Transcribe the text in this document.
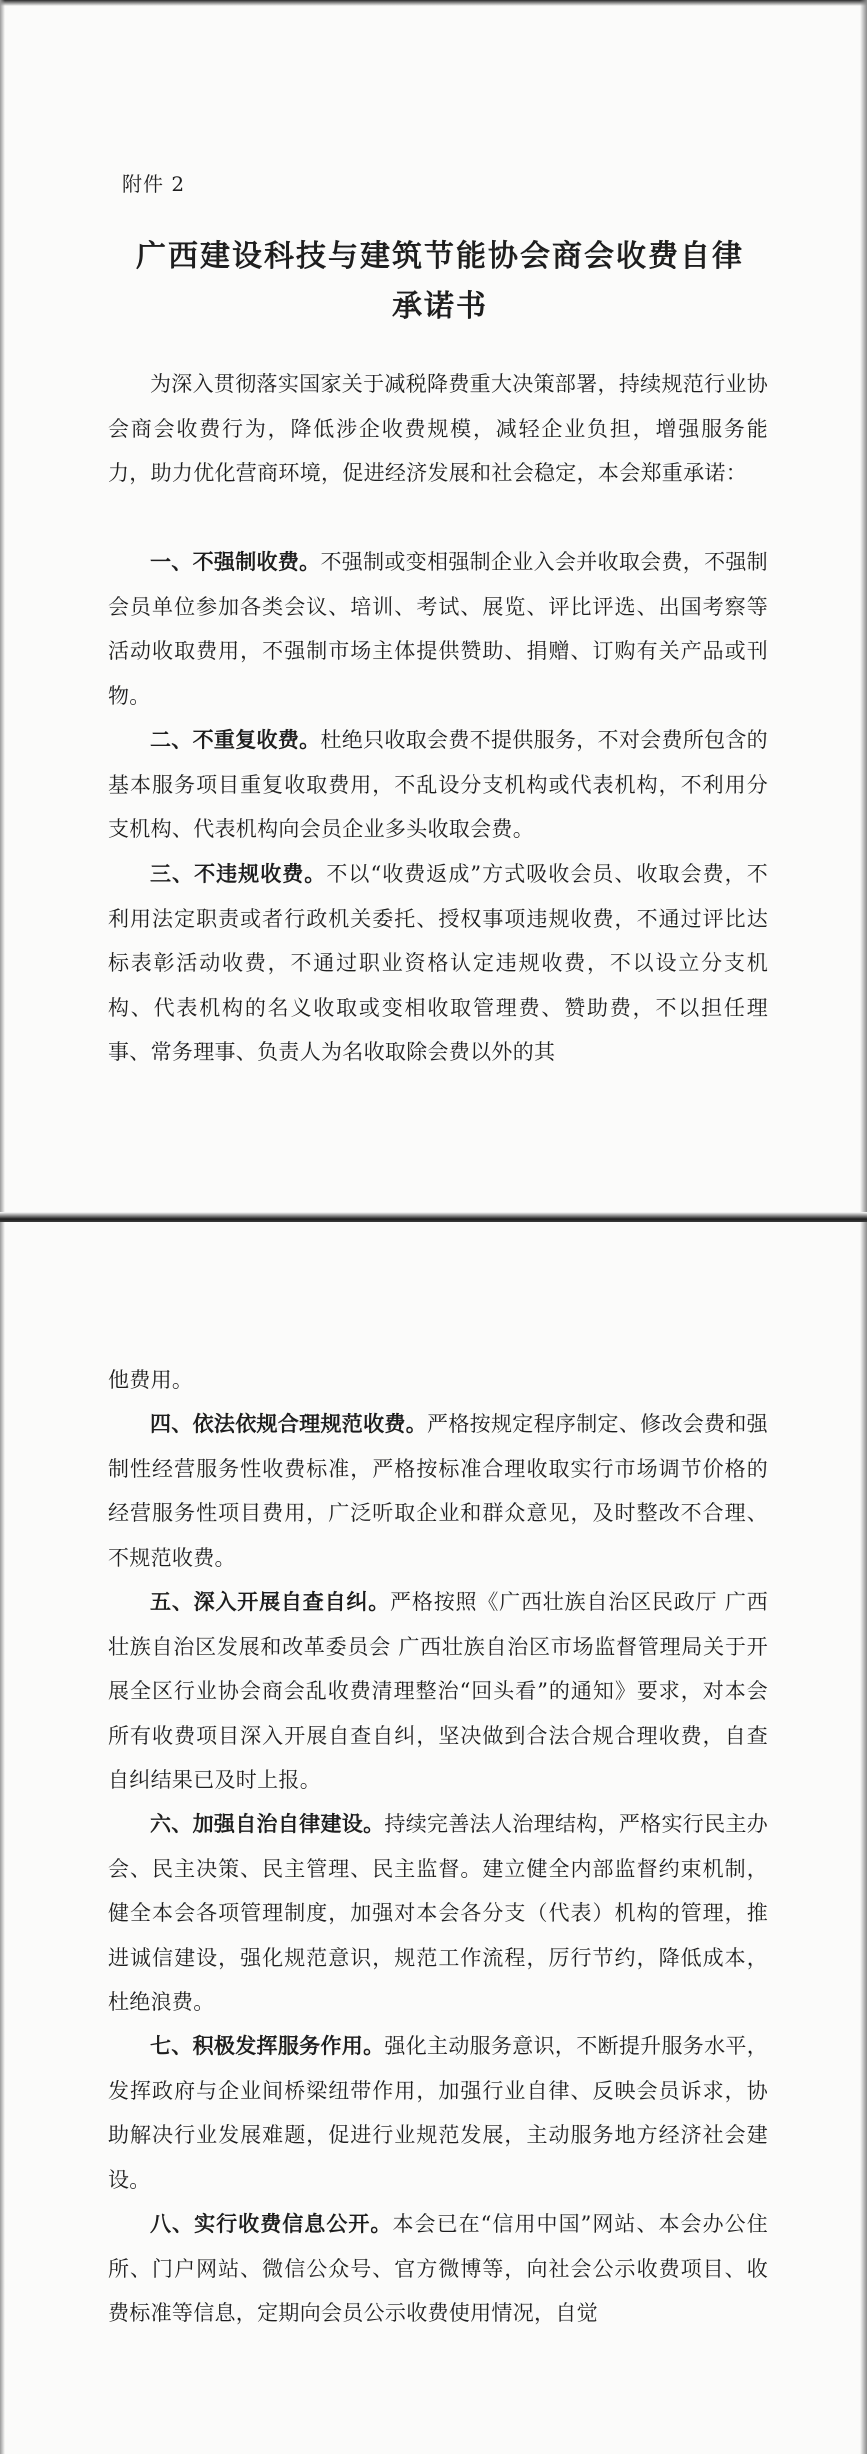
附件 2
广西建设科技与建筑节能协会商会收费自律承诺书

为深入贯彻落实国家关于减税降费重大决策部署，持续规范行业协会商会收费行为，降低涉企收费规模，减轻企业负担，增强服务能力，助力优化营商环境，促进经济发展和社会稳定，本会郑重承诺：

一、不强制收费。不强制或变相强制企业入会并收取会费，不强制会员单位参加各类会议、培训、考试、展览、评比评选、出国考察等活动收取费用，不强制市场主体提供赞助、捐赠、订购有关产品或刊物。

二、不重复收费。杜绝只收取会费不提供服务，不对会费所包含的基本服务项目重复收取费用，不乱设分支机构或代表机构，不利用分支机构、代表机构向会员企业多头收取会费。

三、不违规收费。不以“收费返成”方式吸收会员、收取会费，不利用法定职责或者行政机关委托、授权事项违规收费，不通过评比达标表彰活动收费，不通过职业资格认定违规收费，不以设立分支机构、代表机构的名义收取或变相收取管理费、赞助费，不以担任理事、常务理事、负责人为名收取除会费以外的其

他费用。

四、依法依规合理规范收费。严格按规定程序制定、修改会费和强制性经营服务性收费标准，严格按标准合理收取实行市场调节价格的经营服务性项目费用，广泛听取企业和群众意见，及时整改不合理、不规范收费。

五、深入开展自查自纠。严格按照《广西壮族自治区民政厅 广西壮族自治区发展和改革委员会 广西壮族自治区市场监督管理局关于开展全区行业协会商会乱收费清理整治“回头看”的通知》要求，对本会所有收费项目深入开展自查自纠，坚决做到合法合规合理收费，自查自纠结果已及时上报。

六、加强自治自律建设。持续完善法人治理结构，严格实行民主办会、民主决策、民主管理、民主监督。建立健全内部监督约束机制，健全本会各项管理制度，加强对本会各分支（代表）机构的管理，推进诚信建设，强化规范意识，规范工作流程，厉行节约，降低成本，杜绝浪费。

七、积极发挥服务作用。强化主动服务意识，不断提升服务水平，发挥政府与企业间桥梁纽带作用，加强行业自律、反映会员诉求，协助解决行业发展难题，促进行业规范发展，主动服务地方经济社会建设。

八、实行收费信息公开。本会已在“信用中国”网站、本会办公住所、门户网站、微信公众号、官方微博等，向社会公示收费项目、收费标准等信息，定期向会员公示收费使用情况，自觉
